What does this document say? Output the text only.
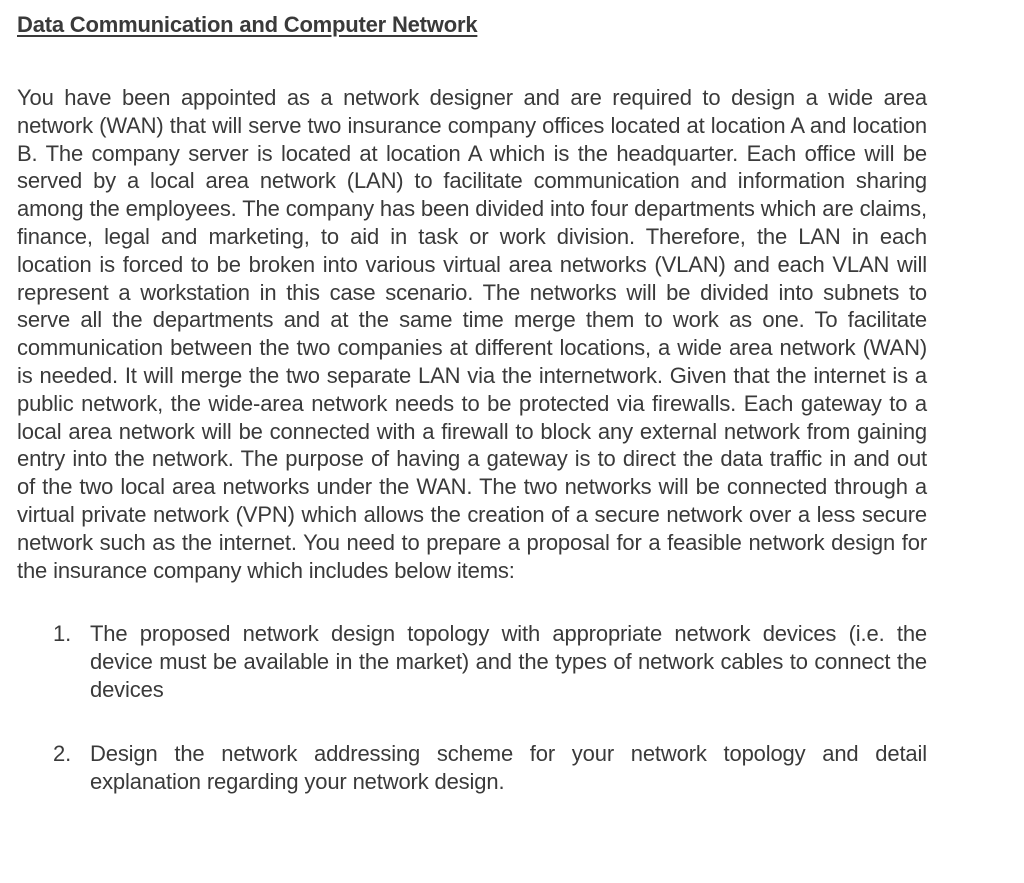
Data Communication and Computer Network

You have been appointed as a network designer and are required to design a wide area network (WAN) that will serve two insurance company offices located at location A and location B. The company server is located at location A which is the headquarter. Each office will be served by a local area network (LAN) to facilitate communication and information sharing among the employees. The company has been divided into four departments which are claims, finance, legal and marketing, to aid in task or work division. Therefore, the LAN in each location is forced to be broken into various virtual area networks (VLAN) and each VLAN will represent a workstation in this case scenario. The networks will be divided into subnets to serve all the departments and at the same time merge them to work as one. To facilitate communication between the two companies at different locations, a wide area network (WAN) is needed. It will merge the two separate LAN via the internetwork. Given that the internet is a public network, the wide-area network needs to be protected via firewalls. Each gateway to a local area network will be connected with a firewall to block any external network from gaining entry into the network. The purpose of having a gateway is to direct the data traffic in and out of the two local area networks under the WAN. The two networks will be connected through a virtual private network (VPN) which allows the creation of a secure network over a less secure network such as the internet. You need to prepare a proposal for a feasible network design for the insurance company which includes below items:

1. The proposed network design topology with appropriate network devices (i.e. the device must be available in the market) and the types of network cables to connect the devices
2. Design the network addressing scheme for your network topology and detail explanation regarding your network design.
